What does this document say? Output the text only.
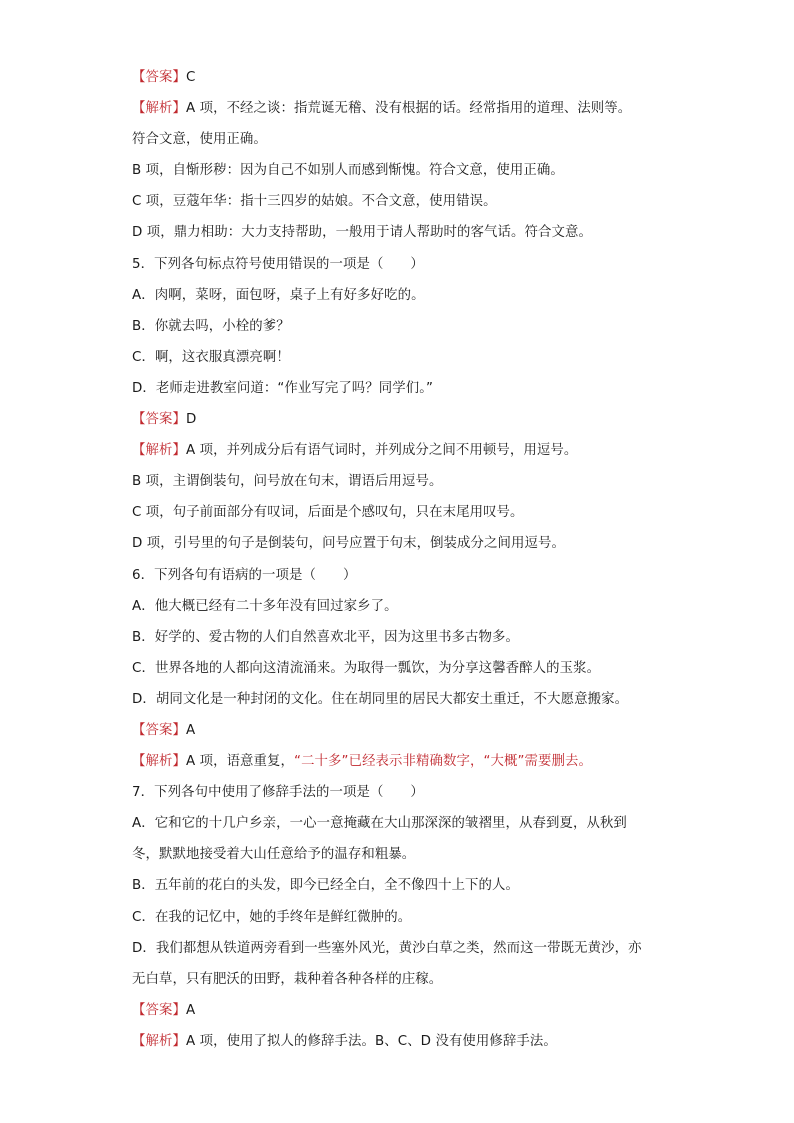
【答案】C
【解析】A 项，不经之谈：指荒诞无稽、没有根据的话。经常指用的道理、法则等。
符合文意，使用正确。
B 项，自惭形秽：因为自己不如别人而感到惭愧。符合文意，使用正确。
C 项，豆蔻年华：指十三四岁的姑娘。不合文意，使用错误。
D 项，鼎力相助：大力支持帮助，一般用于请人帮助时的客气话。符合文意。
5．下列各句标点符号使用错误的一项是（　　）
A．肉啊，菜呀，面包呀，桌子上有好多好吃的。
B．你就去吗，小栓的爹？
C．啊，这衣服真漂亮啊！
D．老师走进教室问道：“作业写完了吗？同学们。”
【答案】D
【解析】A 项，并列成分后有语气词时，并列成分之间不用顿号，用逗号。
B 项，主谓倒装句，问号放在句末，谓语后用逗号。
C 项，句子前面部分有叹词，后面是个感叹句，只在末尾用叹号。
D 项，引号里的句子是倒装句，问号应置于句末，倒装成分之间用逗号。
6．下列各句有语病的一项是（　　）
A．他大概已经有二十多年没有回过家乡了。
B．好学的、爱古物的人们自然喜欢北平，因为这里书多古物多。
C．世界各地的人都向这清流涌来。为取得一瓢饮，为分享这馨香醉人的玉浆。
D．胡同文化是一种封闭的文化。住在胡同里的居民大都安土重迁，不大愿意搬家。
【答案】A
【解析】A 项，语意重复，“二十多”已经表示非精确数字，“大概”需要删去。
7．下列各句中使用了修辞手法的一项是（　　）
A．它和它的十几户乡亲，一心一意掩藏在大山那深深的皱褶里，从春到夏，从秋到
冬，默默地接受着大山任意给予的温存和粗暴。
B．五年前的花白的头发，即今已经全白，全不像四十上下的人。
C．在我的记忆中，她的手终年是鲜红微肿的。
D．我们都想从铁道两旁看到一些塞外风光，黄沙白草之类，然而这一带既无黄沙，亦
无白草，只有肥沃的田野，栽种着各种各样的庄稼。
【答案】A
【解析】A 项，使用了拟人的修辞手法。B、C、D 没有使用修辞手法。
